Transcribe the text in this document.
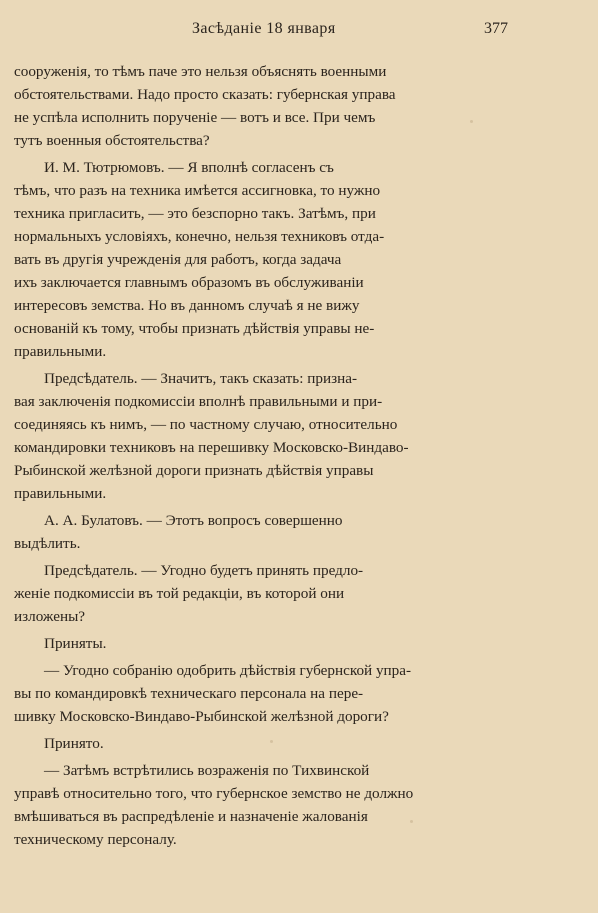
Засѣданіе 18 января	377

сооруженія, то тѣмъ паче это нельзя объяснять военными
обстоятельствами. Надо просто сказать: губернская управа
не успѣла исполнить порученіе — вотъ и все. При чемъ
тутъ военныя обстоятельства?

И. М. Тютрюмовъ. — Я вполнѣ согласенъ съ
тѣмъ, что разъ на техника имѣется ассигновка, то нужно
техника пригласить, — это безспорно такъ. Затѣмъ, при
нормальныхъ условіяхъ, конечно, нельзя техниковъ отда-
вать въ другія учрежденія для работъ, когда задача
ихъ заключается главнымъ образомъ въ обслуживаніи
интересовъ земства. Но въ данномъ случаѣ я не вижу
основаній къ тому, чтобы признать дѣйствія управы не-
правильными.

Предсѣдатель. — Значитъ, такъ сказать: призна-
вая заключенія подкомиссіи вполнѣ правильными и при-
соединяясь къ нимъ, — по частному случаю, относительно
командировки техниковъ на перешивку Московско-Виндаво-
Рыбинской желѣзной дороги признать дѣйствія управы
правильными.

А. А. Булатовъ. — Этотъ вопросъ совершенно
выдѣлить.

Предсѣдатель. — Угодно будетъ принять предло-
женіе подкомиссіи въ той редакціи, въ которой они
изложены?

Приняты.

— Угодно собранію одобрить дѣйствія губернской упра-
вы по командировкѣ техническаго персонала на пере-
шивку Московско-Виндаво-Рыбинской желѣзной дороги?

Принято.

— Затѣмъ встрѣтились возраженія по Тихвинской
управѣ относительно того, что губернское земство не должно
вмѣшиваться въ распредѣленіе и назначеніе жалованія
техническому персоналу.
